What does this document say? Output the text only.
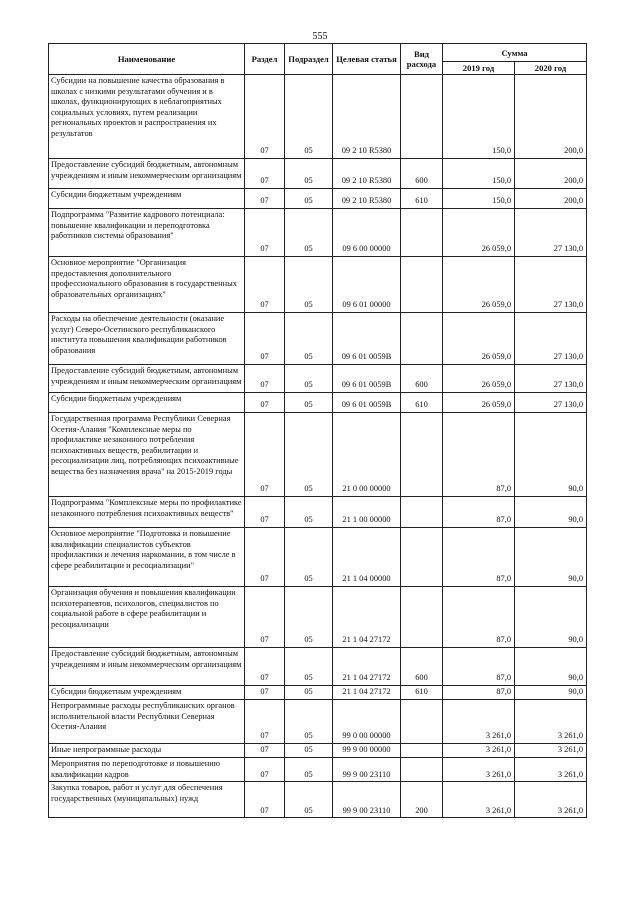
555
Наименование	Раздел	Подраздел	Целевая статья	Вид расхода	Сумма	
					2019 год	2020 год
Субсидии на повышение качества образования в школах с низкими результатами обучения и в школах, функционирующих в неблагоприятных социальных условиях, путем реализации региональных проектов и распространения их результатов	07	05	09 2 10 R5380		150,0	200,0
Предоставление субсидий бюджетным, автономным учреждениям и иным некоммерческим организациям	07	05	09 2 10 R5380	600	150,0	200,0
Субсидии бюджетным учреждениям	07	05	09 2 10 R5380	610	150,0	200,0
Подпрограмма "Развитие кадрового потенциала: повышение квалификации и переподготовка работников системы образования"	07	05	09 6 00 00000		26 059,0	27 130,0
Основное мероприятие "Организация предоставления дополнительного профессионального образования в государственных образовательных организациях"	07	05	09 6 01 00000		26 059,0	27 130,0
Расходы на обеспечение деятельности (оказание услуг) Северо-Осетинского республиканского института повышения квалификации работников образования	07	05	09 6 01 0059В		26 059,0	27 130,0
Предоставление субсидий бюджетным, автономным учреждениям и иным некоммерческим организациям	07	05	09 6 01 0059В	600	26 059,0	27 130,0
Субсидии бюджетным учреждениям	07	05	09 6 01 0059В	610	26 059,0	27 130,0
Государственная программа Республики Северная Осетия-Алания "Комплексные меры по профилактике незаконного потребления психоактивных веществ, реабилитации и ресоциализации лиц, потребляющих психоактивные вещества без назначения врача" на 2015-2019 годы	07	05	21 0 00 00000		87,0	90,0
Подпрограмма "Комплексные меры по профилактике незаконного потребления психоактивных веществ"	07	05	21 1 00 00000		87,0	90,0
Основное мероприятие "Подготовка и повышение квалификации специалистов субъектов профилактики и лечения наркомании, в том числе в сфере реабилитации и ресоциализации"	07	05	21 1 04 00000		87,0	90,0
Организация обучения и повышения квалификации психотерапевтов, психологов, специалистов по социальной работе в сфере реабилитации и ресоциализации	07	05	21 1 04 27172		87,0	90,0
Предоставление субсидий бюджетным, автономным учреждениям и иным некоммерческим организациям	07	05	21 1 04 27172	600	87,0	90,0
Субсидии бюджетным учреждениям	07	05	21 1 04 27172	610	87,0	90,0
Непрограммные расходы республиканских органов исполнительной власти Республики Северная Осетия-Алания	07	05	99 0 00 00000		3 261,0	3 261,0
Иные непрограммные расходы	07	05	99 9 00 00000		3 261,0	3 261,0
Мероприятия по переподготовке и повышению квалификации кадров	07	05	99 9 00 23110		3 261,0	3 261,0
Закупка товаров, работ и услуг для обеспечения государственных (муниципальных) нужд	07	05	99 9 00 23110	200	3 261,0	3 261,0
